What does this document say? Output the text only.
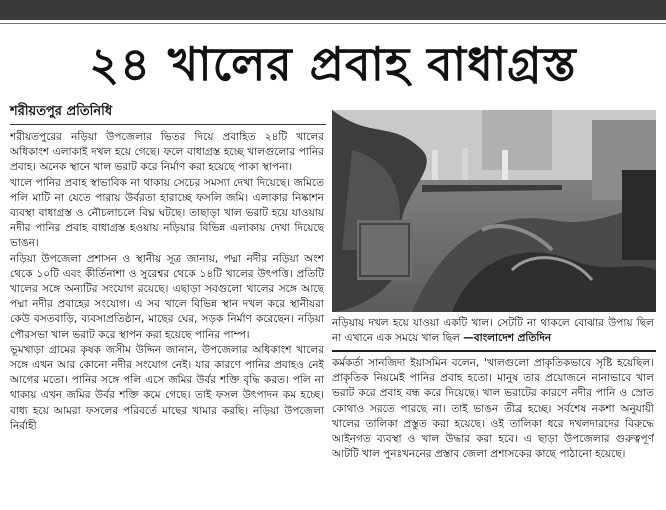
২৪ খালের প্রবাহ বাধাগ্রস্ত
শরীয়তপুর প্রতিনিধি

শরীয়তপুরের নড়িয়া উপজেলার ভিতর দিয়ে প্রবাহিত ২৪টি খালের অধিকাংশ এলাকাই দখল হয়ে গেছে। ফলে বাধাগ্রস্ত হচ্ছে খালগুলোর পানির প্রবাহ। অনেক স্থানে খাল ভরাট করে নির্মাণ করা হয়েছে পাকা স্থাপনা।

খালে পানির প্রবাহ স্বাভাবিক না থাকায় সেচের সমস্যা দেখা দিয়েছে। জমিতে পলি মাটি না যেতে পারায় উর্বরতা হারাচ্ছে ফসলি জমি। এলাকার নিষ্কাশন ব্যবস্থা বাধাগ্রস্ত ও নৌচলাচলে বিঘ্ন ঘটছে। তাছাড়া খাল ভরাট হয়ে যাওয়ায় নদীর পানির প্রবাহ বাধাগ্রস্ত হওয়ায় নড়িয়ার বিভিন্ন এলাকায় দেখা দিয়েছে ভাঙন।

নড়িয়া উপজেলা প্রশাসন ও স্থানীয় সূত্র জানায়, পদ্মা নদীর নড়িয়া অংশ থেকে ১০টি এবং কীর্তিনাশা ও সুরেশ্বর থেকে ১৪টি খালের উৎপত্তি। প্রতিটি খালের সঙ্গে অন্যটির সংযোগ রয়েছে। এছাড়া সবগুলো খালের সঙ্গে আছে পদ্মা নদীর প্রবাহের সংযোগ। এ সব খালে বিভিন্ন স্থান দখল করে স্থানীয়রা কেউ বসতবাড়ি, ব্যবসাপ্রতিষ্ঠান, মাছের ঘের, সড়ক নির্মাণ করেছেন। নড়িয়া পৌরসভা খাল ভরাট করে স্থাপন করা হয়েছে পানির পাম্প।

ভূমখাড়া গ্রামের কৃষক জসীম উদ্দিন জানান, উপজেলার অধিকাংশ খালের সঙ্গে এখন আর কোনো নদীর সংযোগ নেই। যার কারণে পানির প্রবাহও নেই আগের মতো। পানির সঙ্গে পলি এসে জমির উর্বর শক্তি বৃদ্ধি করত। পলি না থাকায় এখন জমির উর্বর শক্তি কমে গেছে। তাই ফসল উৎপাদন কম হচ্ছে। বাধ্য হয়ে আমরা ফসলের পরিবর্তে মাছের খামার করছি। নড়িয়া উপজেলা নির্বাহী

নড়িয়ায় দখল হয়ে যাওয়া একটি খাল। সেটটি না থাকলে বোঝার উপায় ছিল না এখানে এক সময়ে খাল ছিল —বাংলাদেশ প্রতিদিন

কর্মকর্তা সানজিদা ইয়াসমিন বলেন, 'খালগুলো প্রাকৃতিকভাবে সৃষ্টি হয়েছিল। প্রাকৃতিক নিয়মেই পানির প্রবাহ হতো। মানুষ তার প্রয়োজনে নানাভাবে খাল ভরাট করে প্রবাহ বন্ধ করে দিয়েছে। খাল ভরাটের কারণে নদীর পানি ও স্রোত কোথাও সরতে পারছে না। তাই ভাঙন তীব্র হচ্ছে। সর্বশেষ নকশা অনুযায়ী খালের তালিকা প্রস্তুত করা হয়েছে। ওই তালিকা ধরে দখলদারদের বিরুদ্ধে আইনগত ব্যবস্থা ও খাল উদ্ধার করা হবে। এ ছাড়া উপজেলার গুরুত্বপূর্ণ আটটি খাল পুনঃখননের প্রস্তাব জেলা প্রশাসকের কাছে পাঠানো হয়েছে।
